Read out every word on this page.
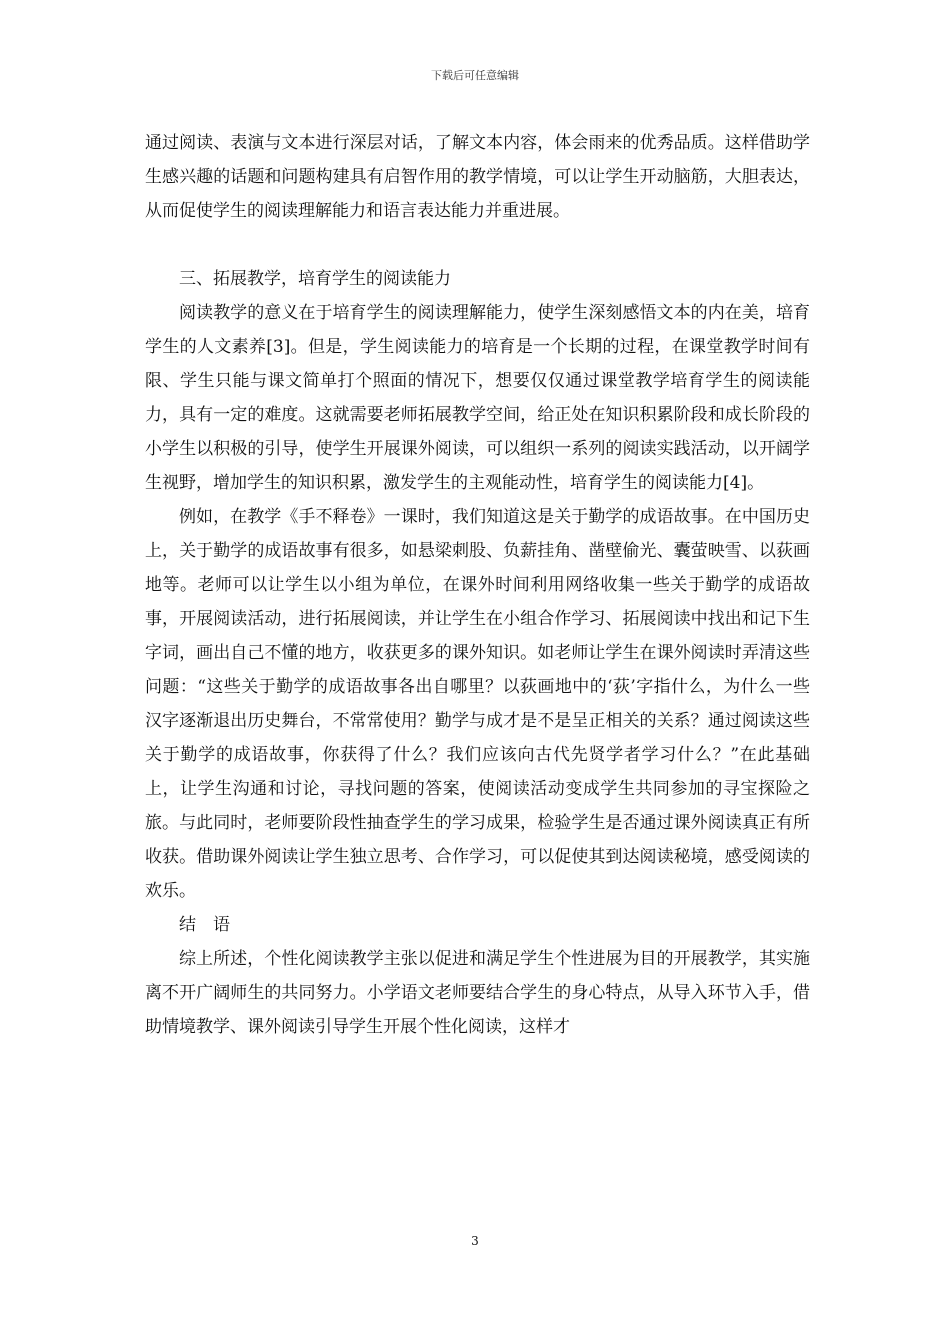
下载后可任意编辑

通过阅读、表演与文本进行深层对话，了解文本内容，体会雨来的优秀品质。这样借助学生感兴趣的话题和问题构建具有启智作用的教学情境，可以让学生开动脑筋，大胆表达，从而促使学生的阅读理解能力和语言表达能力并重进展。

三、拓展教学，培育学生的阅读能力

阅读教学的意义在于培育学生的阅读理解能力，使学生深刻感悟文本的内在美，培育学生的人文素养[3]。但是，学生阅读能力的培育是一个长期的过程，在课堂教学时间有限、学生只能与课文简单打个照面的情况下，想要仅仅通过课堂教学培育学生的阅读能力，具有一定的难度。这就需要老师拓展教学空间，给正处在知识积累阶段和成长阶段的小学生以积极的引导，使学生开展课外阅读，可以组织一系列的阅读实践活动，以开阔学生视野，增加学生的知识积累，激发学生的主观能动性，培育学生的阅读能力[4]。

例如，在教学《手不释卷》一课时，我们知道这是关于勤学的成语故事。在中国历史上，关于勤学的成语故事有很多，如悬梁刺股、负薪挂角、凿壁偷光、囊萤映雪、以荻画地等。老师可以让学生以小组为单位，在课外时间利用网络收集一些关于勤学的成语故事，开展阅读活动，进行拓展阅读，并让学生在小组合作学习、拓展阅读中找出和记下生字词，画出自己不懂的地方，收获更多的课外知识。如老师让学生在课外阅读时弄清这些问题：“这些关于勤学的成语故事各出自哪里？以荻画地中的‘荻’字指什么，为什么一些汉字逐渐退出历史舞台，不常常使用？勤学与成才是不是呈正相关的关系？通过阅读这些关于勤学的成语故事，你获得了什么？我们应该向古代先贤学者学习什么？”在此基础上，让学生沟通和讨论，寻找问题的答案，使阅读活动变成学生共同参加的寻宝探险之旅。与此同时，老师要阶段性抽查学生的学习成果，检验学生是否通过课外阅读真正有所收获。借助课外阅读让学生独立思考、合作学习，可以促使其到达阅读秘境，感受阅读的欢乐。

结　语

综上所述，个性化阅读教学主张以促进和满足学生个性进展为目的开展教学，其实施离不开广阔师生的共同努力。小学语文老师要结合学生的身心特点，从导入环节入手，借助情境教学、课外阅读引导学生开展个性化阅读，这样才

3
